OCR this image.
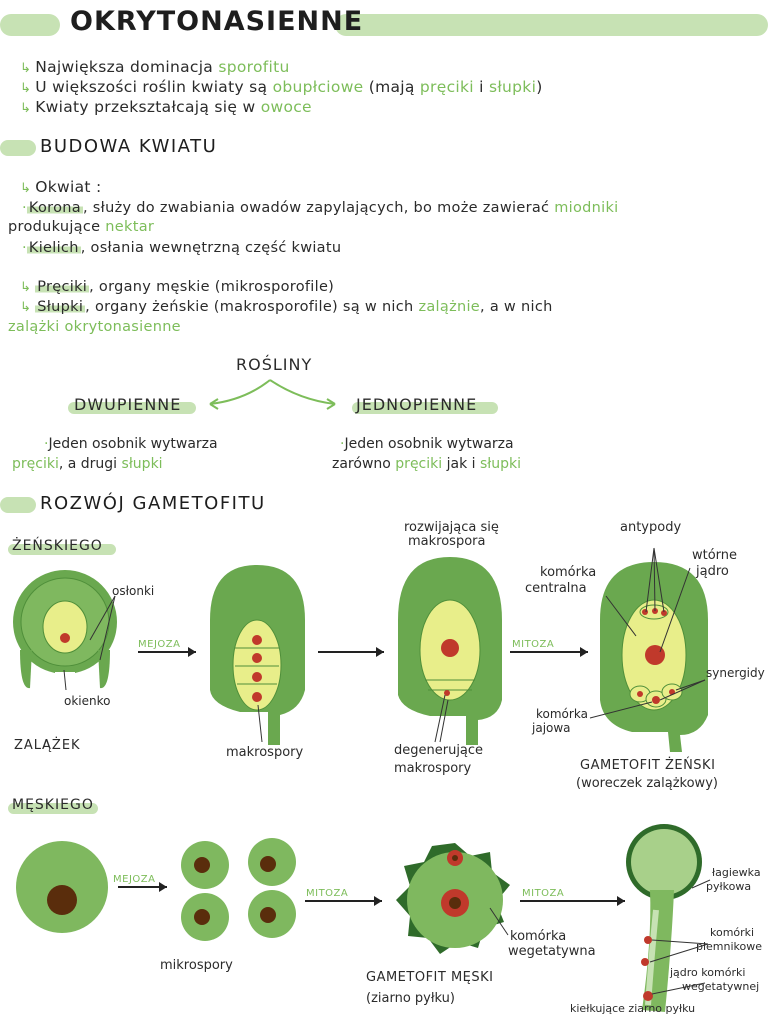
OKRYTONASIENNE
↳ Największa dominacja sporofitu
↳ U większości roślin kwiaty są obupłciowe (mają pręciki i słupki)
↳ Kwiaty przekształcają się w owoce
BUDOWA KWIATU
↳ Okwiat :
· Korona , służy do zwabiania owadów zapylających, bo może zawierać miodniki
produkujące nektar
· Kielich , osłania wewnętrzną część kwiatu
↳ Pręciki , organy męskie (mikrosporofile)
↳ Słupki , organy żeńskie (makrosporofile) są w nich zalążnie, a w nich
zalążki okrytonasienne
ROŚLINY
DWUPIENNE	JEDNOPIENNE
·Jeden osobnik wytwarza
pręciki, a drugi słupki
·Jeden osobnik wytwarza
zarówno pręciki jak i słupki
ROZWÓJ GAMETOFITU
ŻEŃSKIEGO
MĘSKIEGO
osłonki
okienko
ZALĄŻEK
MEJOZA
makrospory
rozwijająca się
makrospora
degenerujące
makrospory
MITOZA
antypody
wtórne
jądro
komórka
centralna
synergidy
komórka
jajowa
GAMETOFIT ŻEŃSKI
(woreczek zalążkowy)
MEJOZA
mikrospory
MITOZA
komórka
wegetatywna
GAMETOFIT MĘSKI
(ziarno pyłku)
MITOZA
łagiewka
pyłkowa
komórki
plemnikowe
jądro komórki
wegetatywnej
kiełkujące ziarno pyłku
